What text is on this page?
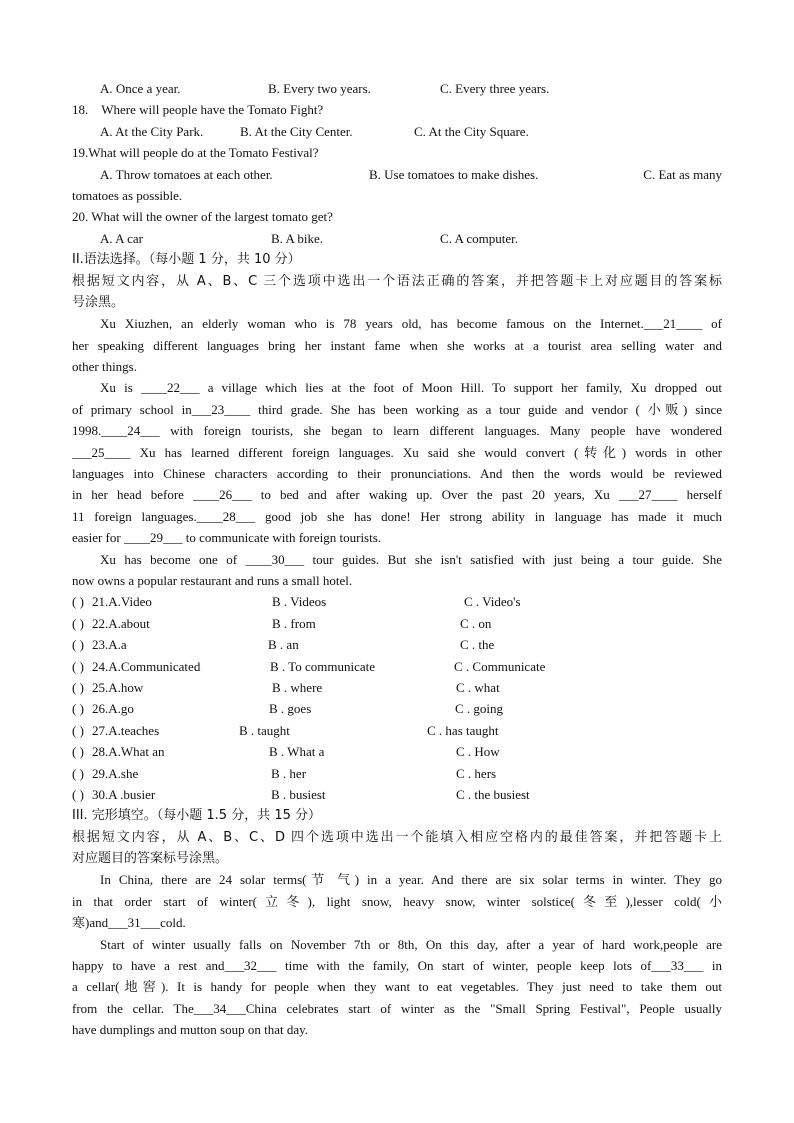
A. Once a year.	B. Every two years.	C. Every three years.
18. Where will people have the Tomato Fight?
A. At the City Park.	B. At the City Center.	C. At the City Square.
19.What will people do at the Tomato Festival?
A. Throw tomatoes at each other.	B. Use tomatoes to make dishes.	C. Eat as many
tomatoes as possible.
20. What will the owner of the largest tomato get?
A. A car	B. A bike.	C. A computer.
II.语法选择。（每小题 1 分，共 10 分）
根据短文内容，从 A、B、C 三个选项中选出一个语法正确的答案，并把答题卡上对应题目的答案标
号涂黑。
Xu Xiuzhen, an elderly woman who is 78 years old, has become famous on the Internet.___21____ of
her speaking different languages bring her instant fame when she works at a tourist area selling water and
other things.
Xu is ____22___ a village which lies at the foot of Moon Hill. To support her family, Xu dropped out
of primary school in___23____ third grade. She has been working as a tour guide and vendor ( 小贩) since
1998.____24___ with foreign tourists, she began to learn different languages. Many people have wondered
___25____ Xu has learned different foreign languages. Xu said she would convert (转化) words in other
languages into Chinese characters according to their pronunciations. And then the words would be reviewed
in her head before ____26___ to bed and after waking up. Over the past 20 years, Xu ___27____ herself
11 foreign languages.____28___ good job she has done! Her strong ability in language has made it much
easier for ____29___ to communicate with foreign tourists.
Xu has become one of ____30___ tour guides. But she isn't satisfied with just being a tour guide. She
now owns a popular restaurant and runs a small hotel.
( ) 21.A.Video	B . Videos	C . Video's
( ) 22.A.about	B . from	C . on
( ) 23.A.a	B . an	C . the
( ) 24.A.Communicated	B . To communicate	C . Communicate
( ) 25.A.how	B . where	C . what
( ) 26.A.go	B . goes	C . going
( ) 27.A.teaches	B . taught	C . has taught
( ) 28.A.What an	B . What a	C . How
( ) 29.A.she	B . her	C . hers
( ) 30.A .busier	B . busiest	C . the busiest
III. 完形填空。（每小题 1.5 分，共 15 分）
根据短文内容，从 A、B、C、D 四个选项中选出一个能填入相应空格内的最佳答案，并把答题卡上
对应题目的答案标号涂黑。
In China, there are 24 solar terms(节 气) in a year. And there are six solar terms in winter. They go
in that order start of winter(立冬), light snow, heavy snow, winter solstice(冬至),lesser cold(小
寒)and___31___cold.
Start of winter usually falls on November 7th or 8th, On this day, after a year of hard work,people are
happy to have a rest and___32___ time with the family, On start of winter, people keep lots of___33___ in
a cellar(地窖). It is handy for people when they want to eat vegetables. They just need to take them out
from the cellar. The___34___China celebrates start of winter as the "Small Spring Festival", People usually
have dumplings and mutton soup on that day.
